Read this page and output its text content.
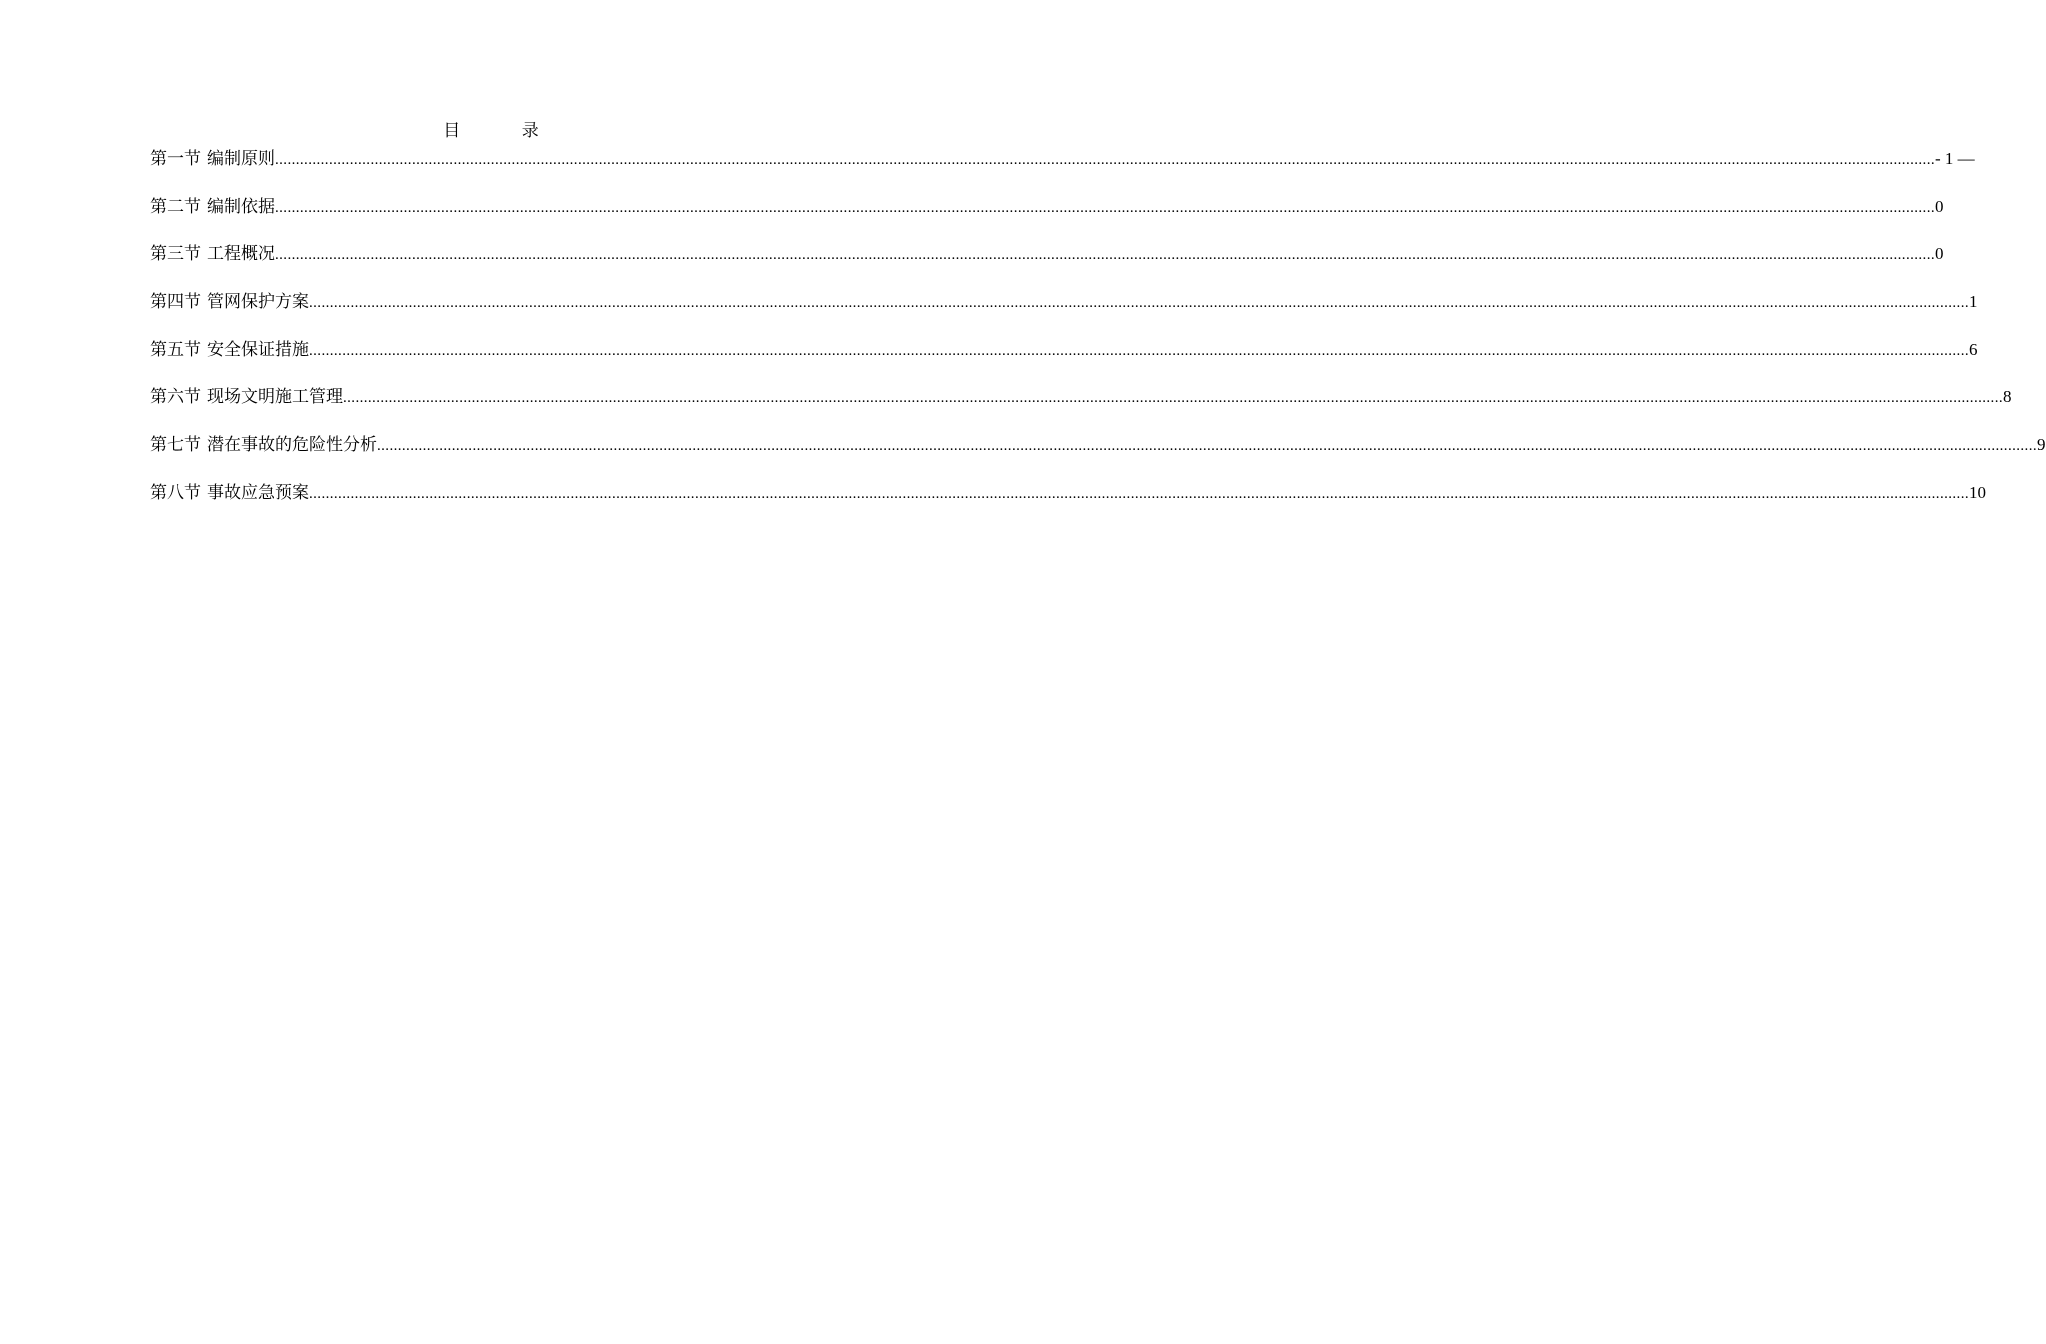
目 录
第一节 编制原则 ................................................................................................................................................................................................................................................................................................................................................................................................................ - 1 —
第二节 编制依据 ................................................................................................................................................................................................................................................................................................................................................................................................................ 0
第三节 工程概况 ................................................................................................................................................................................................................................................................................................................................................................................................................ 0
第四节 管网保护方案 ................................................................................................................................................................................................................................................................................................................................................................................................................ 1
第五节 安全保证措施 ................................................................................................................................................................................................................................................................................................................................................................................................................ 6
第六节 现场文明施工管理 ................................................................................................................................................................................................................................................................................................................................................................................................................ 8
第七节 潜在事故的危险性分析 ................................................................................................................................................................................................................................................................................................................................................................................................................ 9
第八节 事故应急预案 ................................................................................................................................................................................................................................................................................................................................................................................................................ 10
